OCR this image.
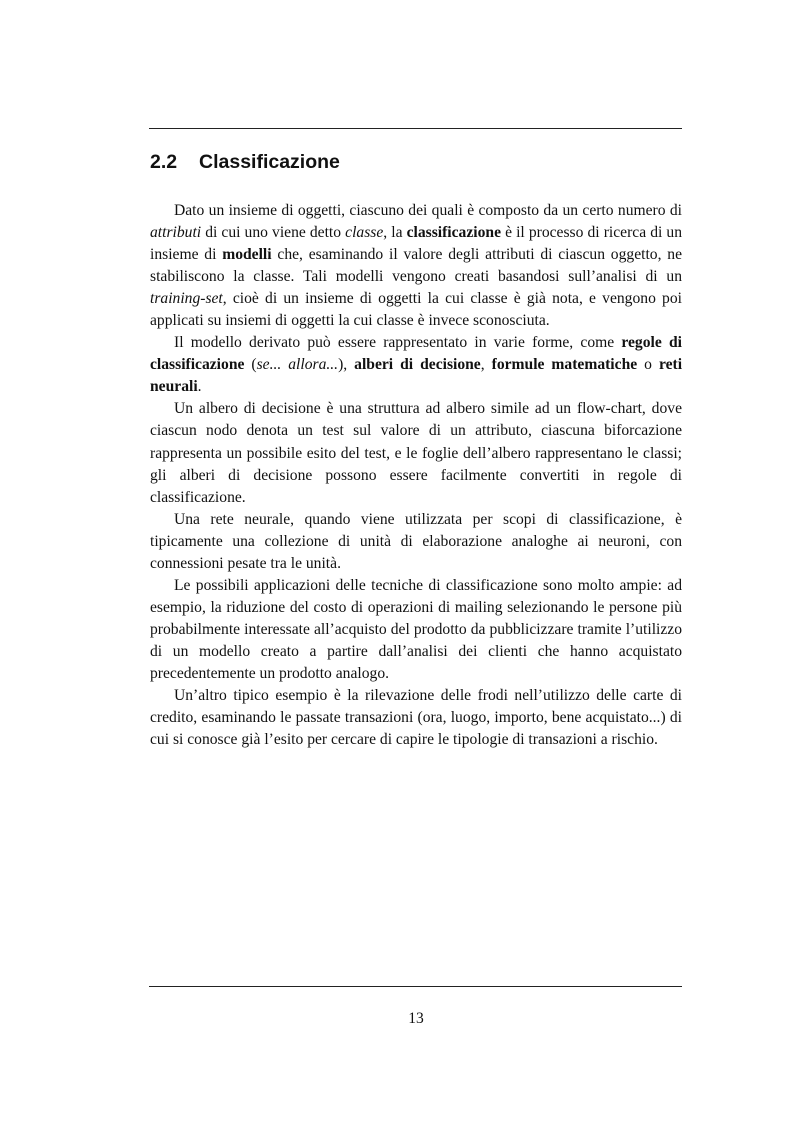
2.2 Classificazione

Dato un insieme di oggetti, ciascuno dei quali è composto da un certo numero di attributi di cui uno viene detto classe, la classificazione è il processo di ricerca di un insieme di modelli che, esaminando il valore degli attributi di ciascun oggetto, ne stabiliscono la classe. Tali modelli vengono creati basandosi sull’analisi di un training-set, cioè di un insieme di oggetti la cui classe è già nota, e vengono poi applicati su insiemi di oggetti la cui classe è invece sconosciuta.

Il modello derivato può essere rappresentato in varie forme, come regole di classificazione (se... allora...), alberi di decisione, formule matematiche o reti neurali.

Un albero di decisione è una struttura ad albero simile ad un flow-chart, dove ciascun nodo denota un test sul valore di un attributo, ciascuna biforcazione rappresenta un possibile esito del test, e le foglie dell’albero rappresentano le classi; gli alberi di decisione possono essere facilmente convertiti in regole di classificazione.

Una rete neurale, quando viene utilizzata per scopi di classificazione, è tipicamente una collezione di unità di elaborazione analoghe ai neuroni, con connessioni pesate tra le unità.

Le possibili applicazioni delle tecniche di classificazione sono molto ampie: ad esempio, la riduzione del costo di operazioni di mailing selezionando le persone più probabilmente interessate all’acquisto del prodotto da pubblicizzare tramite l’utilizzo di un modello creato a partire dall’analisi dei clienti che hanno acquistato precedentemente un prodotto analogo.

Un’altro tipico esempio è la rilevazione delle frodi nell’utilizzo delle carte di credito, esaminando le passate transazioni (ora, luogo, importo, bene acquistato...) di cui si conosce già l’esito per cercare di capire le tipologie di transazioni a rischio.

13
